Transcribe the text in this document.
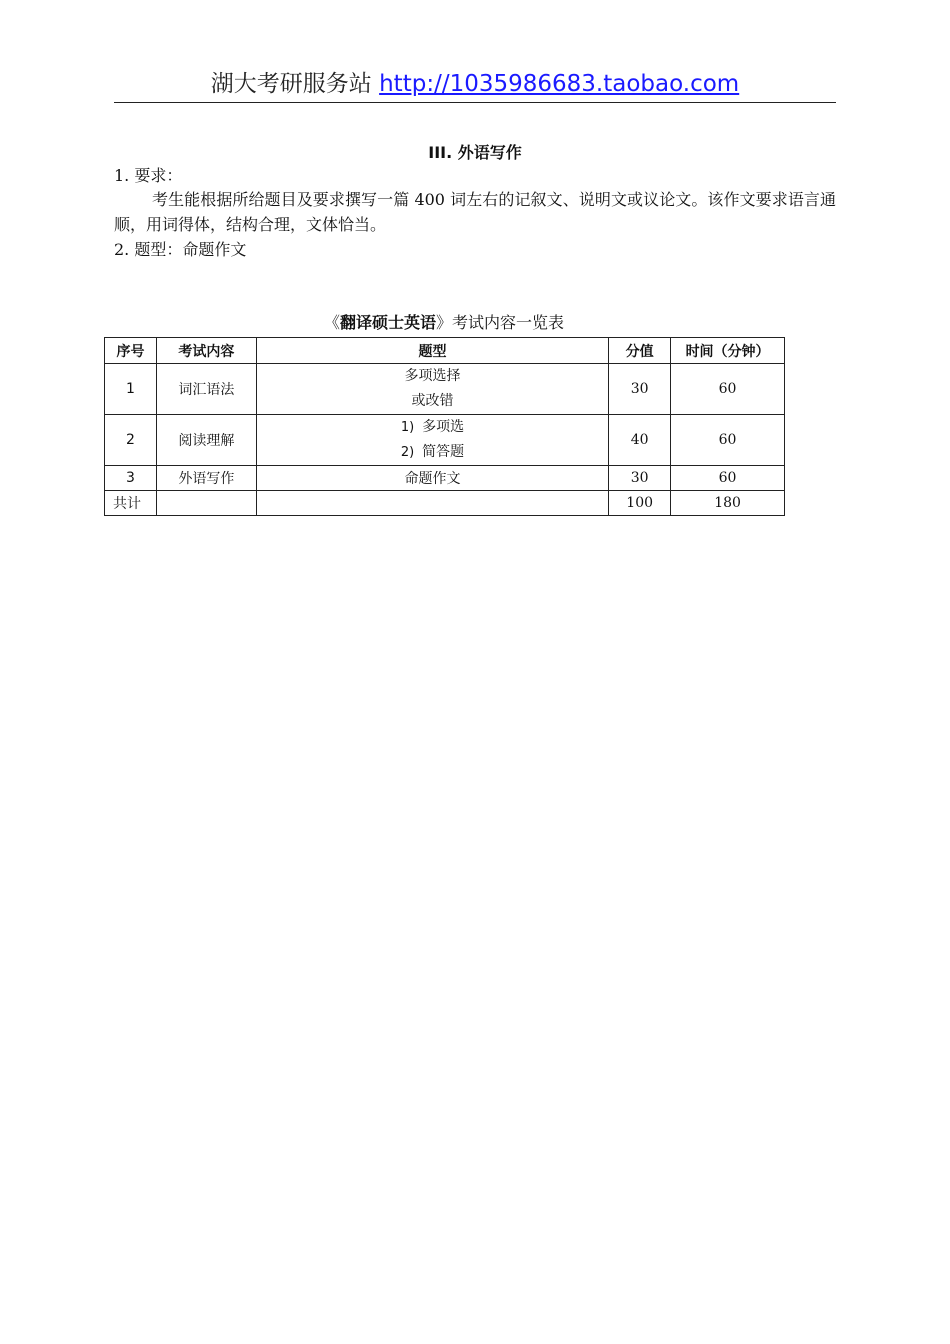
湖大考研服务站 http://1035986683.taobao.com
III. 外语写作
1. 要求：
考生能根据所给题目及要求撰写一篇 400 词左右的记叙文、说明文或议论文。该作文要求语言通顺，用词得体，结构合理，文体恰当。
2. 题型：命题作文
《翻译硕士英语》考试内容一览表
序号	考试内容	题型	分值	时间（分钟）
1	词汇语法	多项选择
或改错	30	60
2	阅读理解	1) 多项选
2) 简答题	40	60
3	外语写作	命题作文	30	60
共计			100	180
